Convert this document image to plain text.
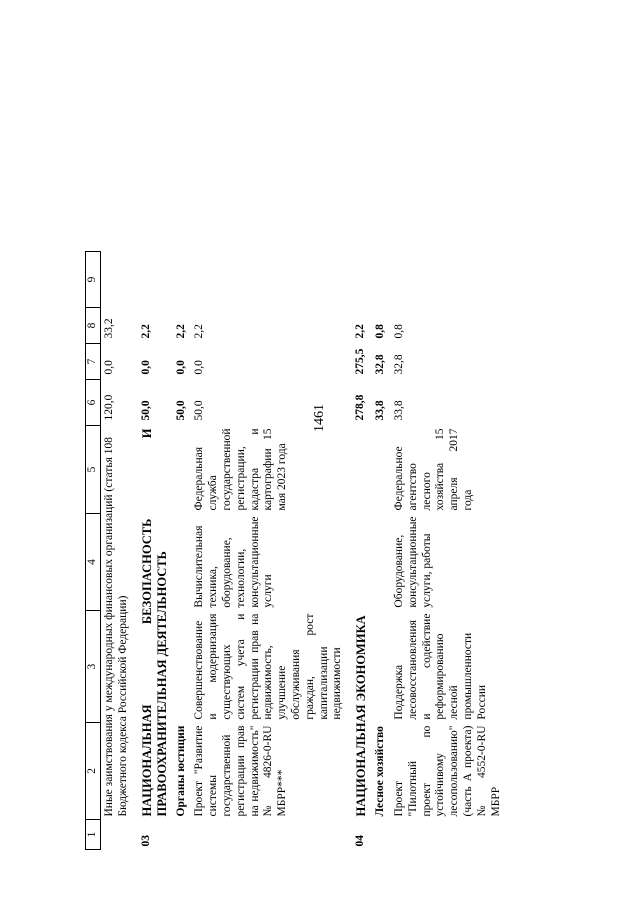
1461
1	2	3	4	5	6	7	8	9
	Иные заимствования у международных финансовых организаций (статья 108 Бюджетного кодекса Российской Федерации)				120,0	0,0	33,2	
03	НАЦИОНАЛЬНАЯ БЕЗОПАСНОСТЬ И ПРАВООХРАНИТЕЛЬНАЯ ДЕЯТЕЛЬНОСТЬ				50,0	0,0	2,2	
	Органы юстиции				50,0	0,0	2,2	
	Проект "Развитие системы государственной регистрации прав на недвижимость" № 4826-0-RU МБРР***	Совершенствование и модернизация существующих систем учета и регистрации прав на недвижимость, улучшение обслуживания граждан, рост капитализации недвижимости	Вычислительная техника, оборудование, технологии, консультационные услуги	Федеральная служба государственной регистрации, кадастра и картографии 15 мая 2023 года	50,0	0,0	2,2	
04	НАЦИОНАЛЬНАЯ ЭКОНОМИКА				278,8	275,5	2,2	
	Лесное хозяйство				33,8	32,8	0,8	
	Проект "Пилотный проект по устойчивому лесопользованию" (часть А проекта) № 4552-0-RU МБРР	Поддержка лесовосстановления и содействие реформированию лесной промышленности России	Оборудование, консультационные услуги, работы	Федеральное агентство лесного хозяйства 15 апреля 2017 года	33,8	32,8	0,8	
